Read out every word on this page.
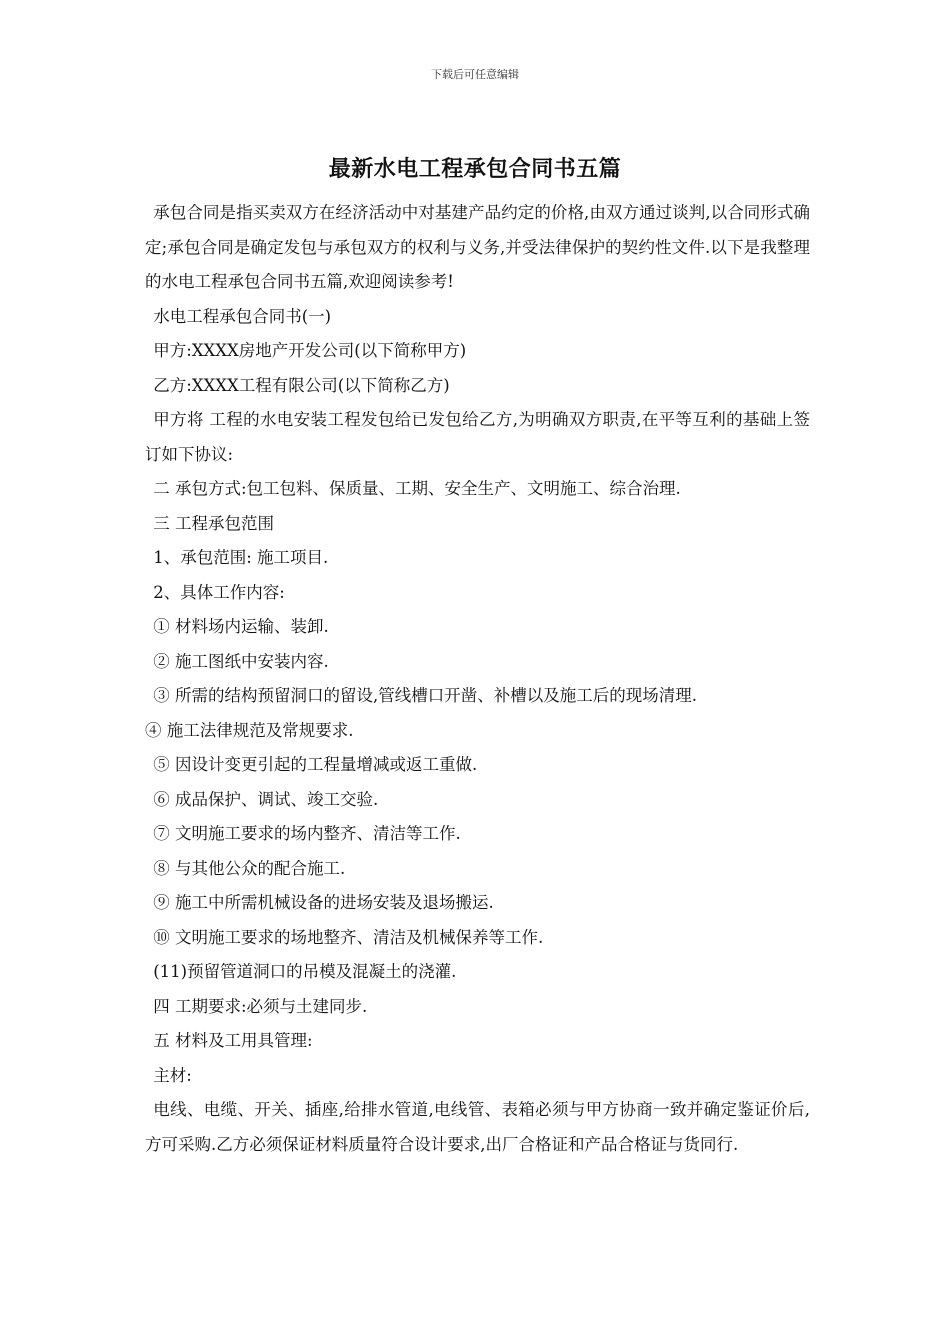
下载后可任意编辑
最新水电工程承包合同书五篇

承包合同是指买卖双方在经济活动中对基建产品约定的价格,由双方通过谈判,以合同形式确定;承包合同是确定发包与承包双方的权利与义务,并受法律保护的契约性文件.以下是我整理的水电工程承包合同书五篇,欢迎阅读参考!

水电工程承包合同书(一)

甲方:XXXX房地产开发公司(以下简称甲方)

乙方:XXXX工程有限公司(以下简称乙方)

甲方将 工程的水电安装工程发包给已发包给乙方,为明确双方职责,在平等互利的基础上签订如下协议:

二 承包方式:包工包料、保质量、工期、安全生产、文明施工、综合治理.

三 工程承包范围

1、承包范围: 施工项目.

2、具体工作内容:

① 材料场内运输、装卸.

② 施工图纸中安装内容.

③ 所需的结构预留洞口的留设,管线槽口开凿、补槽以及施工后的现场清理.

④ 施工法律规范及常规要求.

⑤ 因设计变更引起的工程量增减或返工重做.

⑥ 成品保护、调试、竣工交验.

⑦ 文明施工要求的场内整齐、清洁等工作.

⑧ 与其他公众的配合施工.

⑨ 施工中所需机械设备的进场安装及退场搬运.

⑩ 文明施工要求的场地整齐、清洁及机械保养等工作.

(11)预留管道洞口的吊模及混凝土的浇灌.

四 工期要求:必须与土建同步.

五 材料及工用具管理:

主材:

电线、电缆、开关、插座,给排水管道,电线管、表箱必须与甲方协商一致并确定鉴证价后,方可采购.乙方必须保证材料质量符合设计要求,出厂合格证和产品合格证与货同行.
